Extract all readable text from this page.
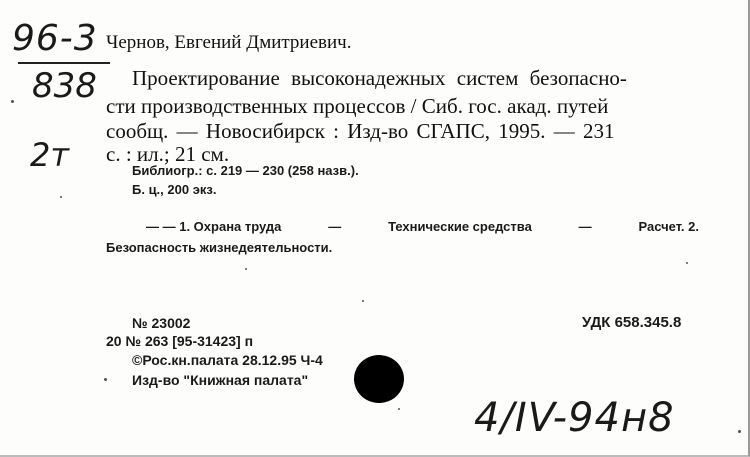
96-3
838
2т
Чернов, Евгений Дмитриевич.
Проектирование высоконадежных систем безопасно-
сти производственных процессов / Сиб. гос. акад. путей
сообщ. — Новосибирск : Изд-во СГАПС, 1995. — 231
с. : ил.; 21 см.
Библиогр.: с. 219 — 230 (258 назв.).
Б. ц., 200 экз.
— — 1. Охрана труда	—	Технические средства	—	Расчет. 2.
Безопасность жизнедеятельности.
№ 23002	УДК 658.345.8
20 № 263 [95-31423] п
©Рос.кн.палата 28.12.95 Ч-4
Изд-во "Книжная палата"
4/IV-94н8
